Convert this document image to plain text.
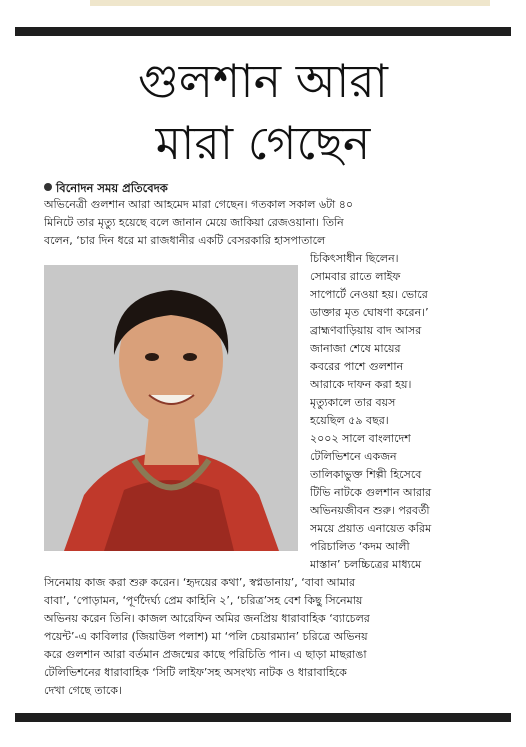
গুলশান আরা
মারা গেছেন
বিনোদন সময় প্রতিবেদক
অভিনেত্রী গুলশান আরা আহমেদ মারা গেছেন। গতকাল সকাল ৬টা ৪০
মিনিটে তার মৃত্যু হয়েছে বলে জানান মেয়ে জাকিয়া রেজওয়ানা। তিনি
বলেন, ‘চার দিন ধরে মা রাজধানীর একটি বেসরকারি হাসপাতালে
চিকিৎসাধীন ছিলেন।
সোমবার রাতে লাইফ
সাপোর্টে নেওয়া হয়। ভোরে
ডাক্তার মৃত ঘোষণা করেন।’
ব্রাহ্মণবাড়িয়ায় বাদ আসর
জানাজা শেষে মায়ের
কবরের পাশে গুলশান
আরাকে দাফন করা হয়।
মৃত্যুকালে তার বয়স
হয়েছিল ৫৯ বছর।
২০০২ সালে বাংলাদেশ
টেলিভিশনে একজন
তালিকাভুক্ত শিল্পী হিসেবে
টিভি নাটকে গুলশান আরার
অভিনয়জীবন শুরু। পরবর্তী
সময়ে প্রয়াত এনায়েত করিম
পরিচালিত ‘কদম আলী
মাস্তান’ চলচ্চিত্রের মাধ্যমে
সিনেমায় কাজ করা শুরু করেন। ‘হৃদয়ের কথা’, স্বপ্নডানায়’, ‘বাবা আমার
বাবা’, ‘পোড়ামন, ‘পূর্ণদৈর্ঘ্য প্রেম কাহিনি ২’, ‘চরিত্র’সহ বেশ কিছু সিনেমায়
অভিনয় করেন তিনি। কাজল আরেফিন অমির জনপ্রিয় ধারাবাহিক ‘ব্যাচেলর
পয়েন্ট’-এ কাবিলার (জিয়াউল পলাশ) মা ‘পলি চেয়ারম্যান’ চরিত্রে অভিনয়
করে গুলশান আরা বর্তমান প্রজন্মের কাছে পরিচিতি পান। এ ছাড়া মাছরাঙা
টেলিভিশনের ধারাবাহিক ‘সিটি লাইফ’সহ অসংখ্য নাটক ও ধারাবাহিকে
দেখা গেছে তাকে।
